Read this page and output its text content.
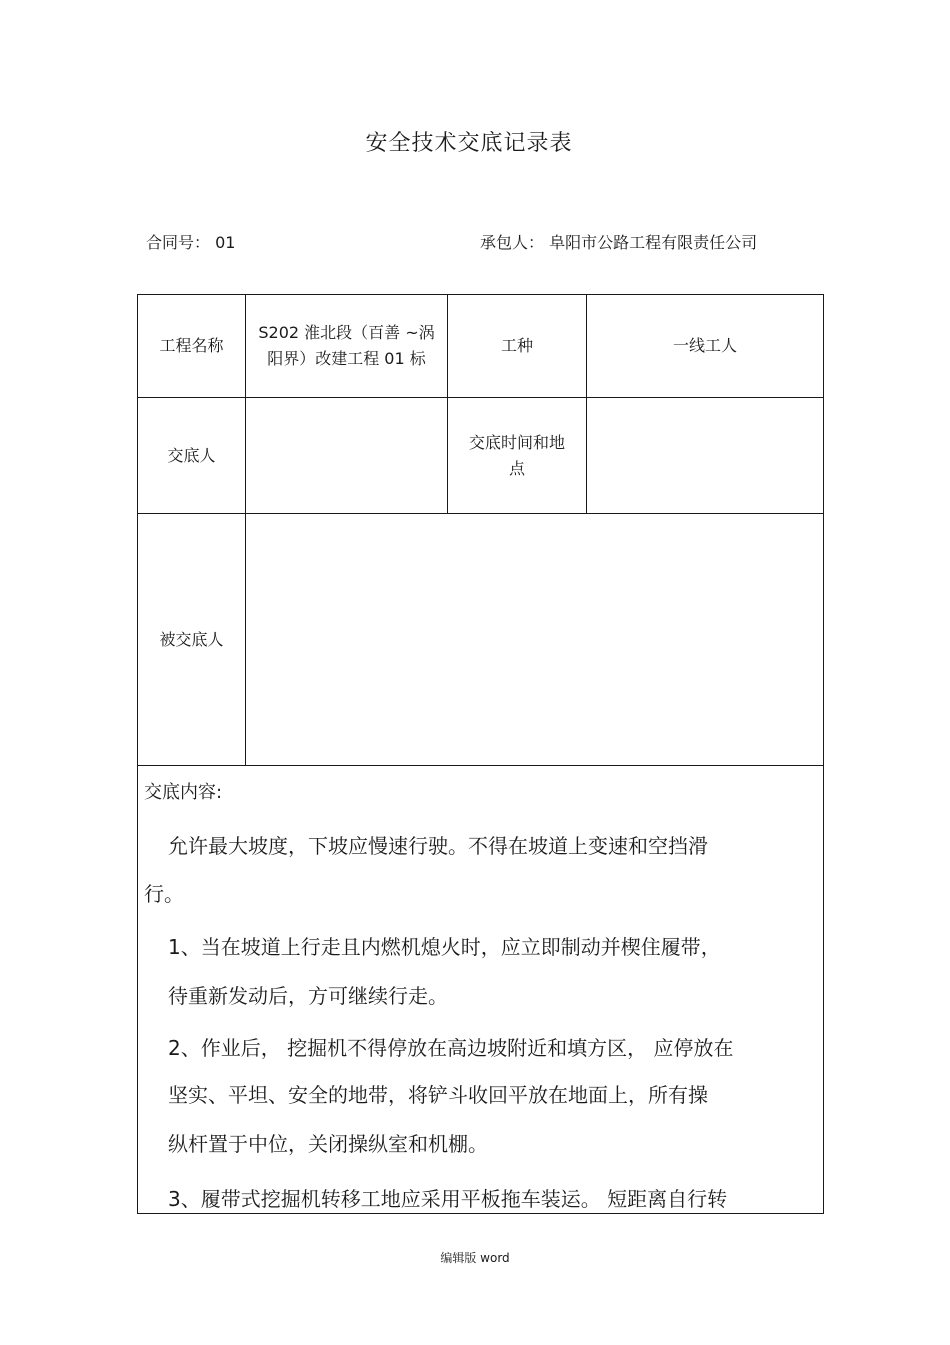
安全技术交底记录表
合同号： 01	承包人： 阜阳市公路工程有限责任公司
工程名称
S202 淮北段（百善 ~涡
阳界）改建工程 01 标
工种	一线工人
交底人
交底时间和地
点
被交底人
交底内容:
允许最大坡度，下坡应慢速行驶。不得在坡道上变速和空挡滑
行。
1、当在坡道上行走且内燃机熄火时，应立即制动并楔住履带，
待重新发动后，方可继续行走。
2、作业后， 挖掘机不得停放在高边坡附近和填方区， 应停放在
坚实、平坦、安全的地带，将铲斗收回平放在地面上，所有操
纵杆置于中位，关闭操纵室和机棚。
3、履带式挖掘机转移工地应采用平板拖车装运。 短距离自行转
编辑版 word
